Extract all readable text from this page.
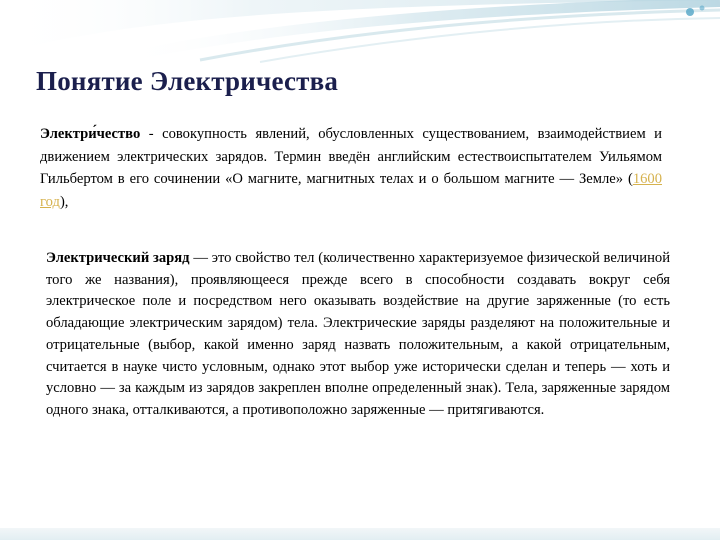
Понятие Электричества

Электри́чество - совокупность явлений, обусловленных существованием, взаимодействием и движением электрических зарядов. Термин введён английским естествоиспытателем Уильямом Гильбертом в его сочинении «О магните, магнитных телах и о большом магните — Земле» (1600 год),

Электрический заряд — это свойство тел (количественно характеризуемое физической величиной того же названия), проявляющееся прежде всего в способности создавать вокруг себя электрическое поле и посредством него оказывать воздействие на другие заряженные (то есть обладающие электрическим зарядом) тела. Электрические заряды разделяют на положительные и отрицательные (выбор, какой именно заряд назвать положительным, а какой отрицательным, считается в науке чисто условным, однако этот выбор уже исторически сделан и теперь — хоть и условно — за каждым из зарядов закреплен вполне определенный знак). Тела, заряженные зарядом одного знака, отталкиваются, а противоположно заряженные — притягиваются.
